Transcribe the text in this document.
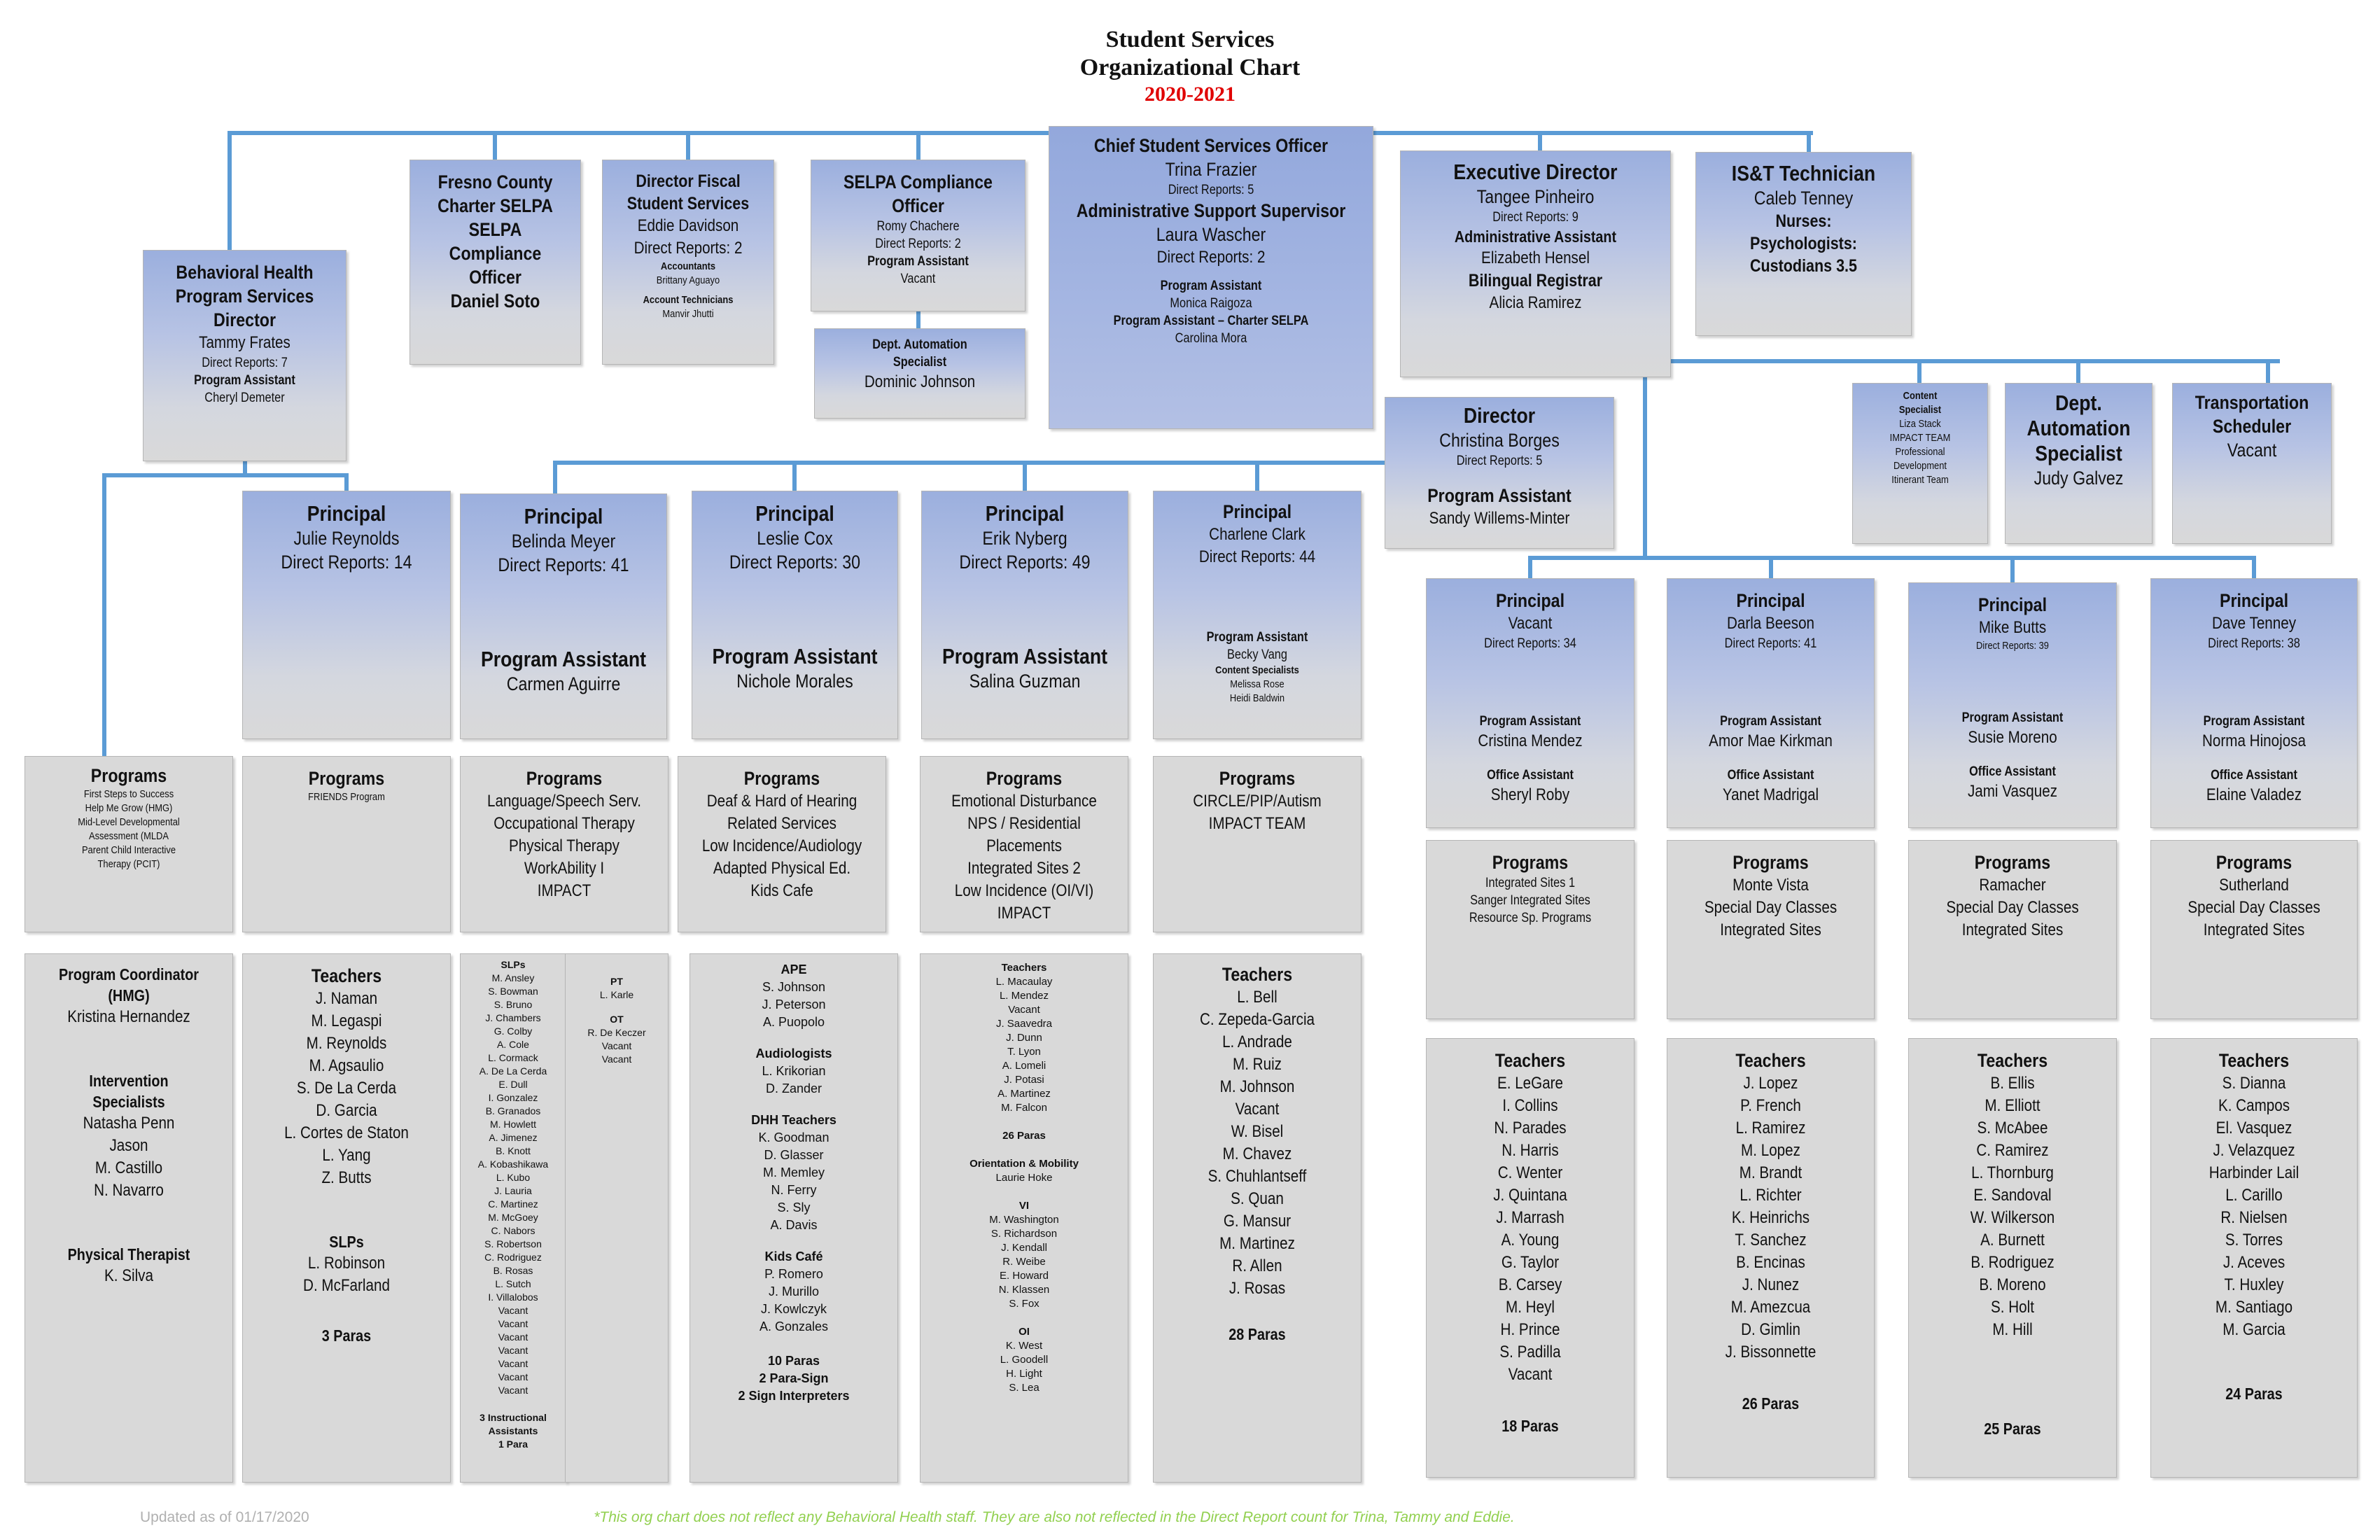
Student Services
Organizational Chart
2020-2021
Behavioral Health
Program Services
Director
Tammy Frates
Direct Reports: 7
Program Assistant
Cheryl Demeter
Fresno County
Charter SELPA
SELPA
Compliance
Officer
Daniel Soto
Director Fiscal
Student Services
Eddie Davidson
Direct Reports: 2
Accountants
Brittany Aguayo
Account Technicians
Manvir Jhutti
SELPA Compliance
Officer
Romy Chachere
Direct Reports: 2
Program Assistant
Vacant
Dept. Automation
Specialist
Dominic Johnson
Chief Student Services Officer
Trina Frazier
Direct Reports: 5
Administrative Support Supervisor
Laura Wascher
Direct Reports: 2
Program Assistant
Monica Raigoza
Program Assistant – Charter SELPA
Carolina Mora
Executive Director
Tangee Pinheiro
Direct Reports: 9
Administrative Assistant
Elizabeth Hensel
Bilingual Registrar
Alicia Ramirez
IS&T Technician
Caleb Tenney
Nurses:
Psychologists:
Custodians 3.5
Director
Christina Borges
Direct Reports: 5
Program Assistant
Sandy Willems-Minter
Content
Specialist
Liza Stack
IMPACT TEAM
Professional
Development
Itinerant Team
Dept.
Automation
Specialist
Judy Galvez
Transportation
Scheduler
Vacant
Principal
Julie Reynolds
Direct Reports: 14
Principal
Belinda Meyer
Direct Reports: 41
Program Assistant
Carmen Aguirre
Principal
Leslie Cox
Direct Reports: 30
Program Assistant
Nichole Morales
Principal
Erik Nyberg
Direct Reports: 49
Program Assistant
Salina Guzman
Principal
Charlene Clark
Direct Reports: 44
Program Assistant
Becky Vang
Content Specialists
Melissa Rose
Heidi Baldwin
Principal
Vacant
Direct Reports: 34
Program Assistant
Cristina Mendez
Office Assistant
Sheryl Roby
Principal
Darla Beeson
Direct Reports: 41
Program Assistant
Amor Mae Kirkman
Office Assistant
Yanet Madrigal
Principal
Mike Butts
Direct Reports: 39
Program Assistant
Susie Moreno
Office Assistant
Jami Vasquez
Principal
Dave Tenney
Direct Reports: 38
Program Assistant
Norma Hinojosa
Office Assistant
Elaine Valadez
Programs
First Steps to Success
Help Me Grow (HMG)
Mid-Level Developmental
Assessment (MLDA
Parent Child Interactive
Therapy (PCIT)
Programs
FRIENDS Program
Programs
Language/Speech Serv.
Occupational Therapy
Physical Therapy
WorkAbility I
IMPACT
Programs
Deaf & Hard of Hearing
Related Services
Low Incidence/Audiology
Adapted Physical Ed.
Kids Cafe
Programs
Emotional Disturbance
NPS / Residential
Placements
Integrated Sites 2
Low Incidence (OI/VI)
IMPACT
Programs
CIRCLE/PIP/Autism
IMPACT TEAM
Programs
Integrated Sites 1
Sanger Integrated Sites
Resource Sp. Programs
Programs
Monte Vista
Special Day Classes
Integrated Sites
Programs
Ramacher
Special Day Classes
Integrated Sites
Programs
Sutherland
Special Day Classes
Integrated Sites
Program Coordinator
(HMG)
Kristina Hernandez
Intervention
Specialists
Natasha Penn
Jason
M. Castillo
N. Navarro
Physical Therapist
K. Silva
Teachers
J. Naman
M. Legaspi
M. Reynolds
M. Agsaulio
S. De La Cerda
D. Garcia
L. Cortes de Staton
L. Yang
Z. Butts
SLPs
L. Robinson
D. McFarland
3 Paras
SLPs
M. Ansley
S. Bowman
S. Bruno
J. Chambers
G. Colby
A. Cole
L. Cormack
A. De La Cerda
E. Dull
I. Gonzalez
B. Granados
M. Howlett
A. Jimenez
B. Knott
A. Kobashikawa
L. Kubo
J. Lauria
C. Martinez
M. McGoey
C. Nabors
S. Robertson
C. Rodriguez
B. Rosas
L. Sutch
I. Villalobos
Vacant
Vacant
Vacant
Vacant
Vacant
Vacant
Vacant
3 Instructional
Assistants
1 Para
PT
L. Karle
OT
R. De Keczer
Vacant
Vacant
APE
S. Johnson
J. Peterson
A. Puopolo
Audiologists
L. Krikorian
D. Zander
DHH Teachers
K. Goodman
D. Glasser
M. Memley
N. Ferry
S. Sly
A. Davis
Kids Café
P. Romero
J. Murillo
J. Kowlczyk
A. Gonzales
10 Paras
2 Para-Sign
2 Sign Interpreters
Teachers
L. Macaulay
L. Mendez
Vacant
J. Saavedra
J. Dunn
T. Lyon
A. Lomeli
J. Potasi
A. Martinez
M. Falcon
26 Paras
Orientation & Mobility
Laurie Hoke
VI
M. Washington
S. Richardson
J. Kendall
R. Weibe
E. Howard
N. Klassen
S. Fox
OI
K. West
L. Goodell
H. Light
S. Lea
Teachers
L. Bell
C. Zepeda-Garcia
L. Andrade
M. Ruiz
M. Johnson
Vacant
W. Bisel
M. Chavez
S. Chuhlantseff
S. Quan
G. Mansur
M. Martinez
R. Allen
J. Rosas
28 Paras
Teachers
E. LeGare
I. Collins
N. Parades
N. Harris
C. Wenter
J. Quintana
J. Marrash
A. Young
G. Taylor
B. Carsey
M. Heyl
H. Prince
S. Padilla
Vacant
18 Paras
Teachers
J. Lopez
P. French
L. Ramirez
M. Lopez
M. Brandt
L. Richter
K. Heinrichs
T. Sanchez
B. Encinas
J. Nunez
M. Amezcua
D. Gimlin
J. Bissonnette
26 Paras
Teachers
B. Ellis
M. Elliott
S. McAbee
C. Ramirez
L. Thornburg
E. Sandoval
W. Wilkerson
A. Burnett
B. Rodriguez
B. Moreno
S. Holt
M. Hill
25 Paras
Teachers
S. Dianna
K. Campos
El. Vasquez
J. Velazquez
Harbinder Lail
L. Carillo
R. Nielsen
S. Torres
J. Aceves
T. Huxley
M. Santiago
M. Garcia
24 Paras
Updated as of 01/17/2020	*This org chart does not reflect any Behavioral Health staff. They are also not reflected in the Direct Report count for Trina, Tammy and Eddie.
